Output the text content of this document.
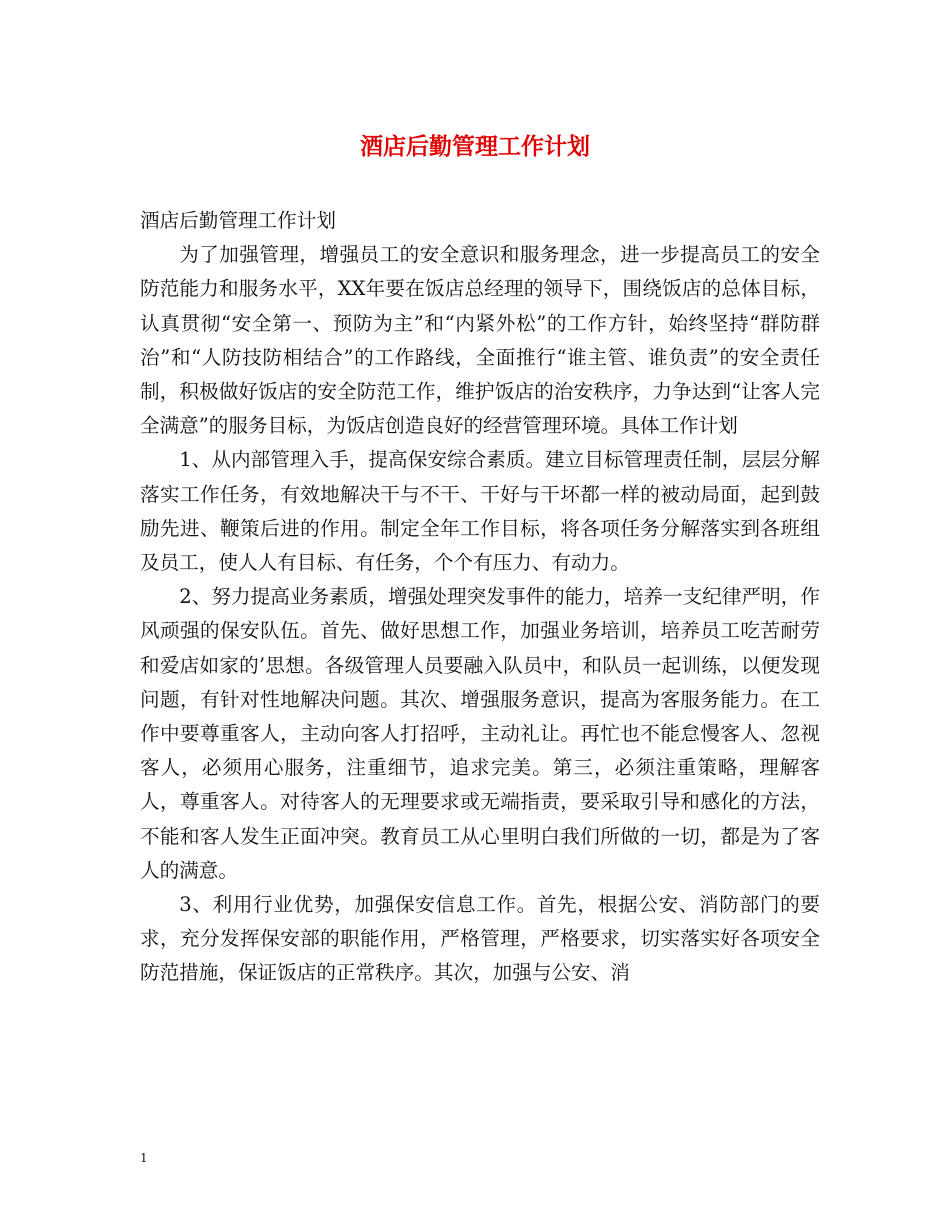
酒店后勤管理工作计划

酒店后勤管理工作计划

为了加强管理，增强员工的安全意识和服务理念，进一步提高员工的安全防范能力和服务水平，XX年要在饭店总经理的领导下，围绕饭店的总体目标，认真贯彻“安全第一、预防为主”和“内紧外松”的工作方针，始终坚持“群防群治”和“人防技防相结合”的工作路线，全面推行“谁主管、谁负责”的安全责任制，积极做好饭店的安全防范工作，维护饭店的治安秩序，力争达到“让客人完全满意”的服务目标，为饭店创造良好的经营管理环境。具体工作计划

1、从内部管理入手，提高保安综合素质。建立目标管理责任制，层层分解落实工作任务，有效地解决干与不干、干好与干坏都一样的被动局面，起到鼓励先进、鞭策后进的作用。制定全年工作目标，将各项任务分解落实到各班组及员工，使人人有目标、有任务，个个有压力、有动力。

2、努力提高业务素质，增强处理突发事件的能力，培养一支纪律严明，作风顽强的保安队伍。首先、做好思想工作，加强业务培训，培养员工吃苦耐劳和爱店如家的’思想。各级管理人员要融入队员中，和队员一起训练，以便发现问题，有针对性地解决问题。其次、增强服务意识，提高为客服务能力。在工作中要尊重客人，主动向客人打招呼，主动礼让。再忙也不能怠慢客人、忽视客人，必须用心服务，注重细节，追求完美。第三，必须注重策略，理解客人，尊重客人。对待客人的无理要求或无端指责，要采取引导和感化的方法，不能和客人发生正面冲突。教育员工从心里明白我们所做的一切，都是为了客人的满意。

3、利用行业优势，加强保安信息工作。首先，根据公安、消防部门的要求，充分发挥保安部的职能作用，严格管理，严格要求，切实落实好各项安全防范措施，保证饭店的正常秩序。其次，加强与公安、消

1
